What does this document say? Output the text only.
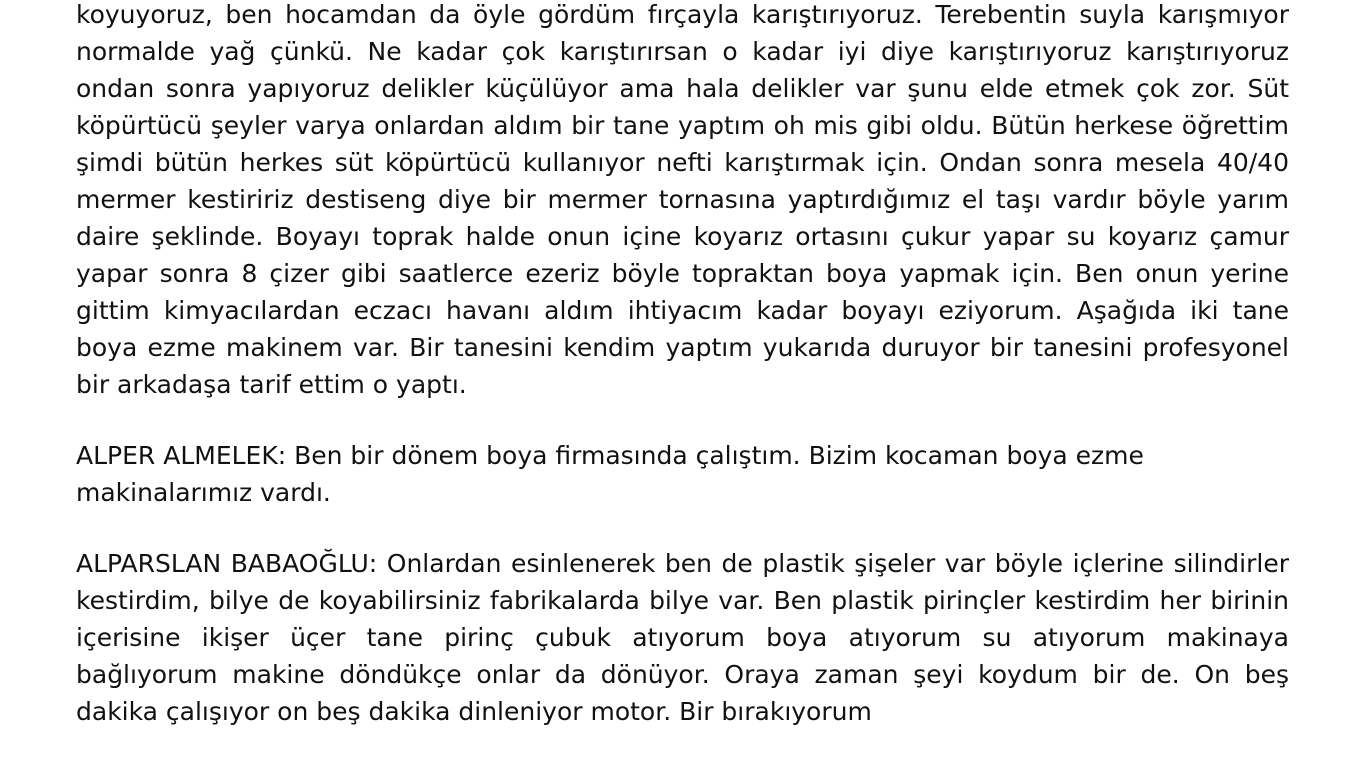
koyuyoruz, ben hocamdan da öyle gördüm fırçayla karıştırıyoruz. Terebentin suyla karışmıyor normalde yağ çünkü. Ne kadar çok karıştırırsan o kadar iyi diye karıştırıyoruz karıştırıyoruz ondan sonra yapıyoruz delikler küçülüyor ama hala delikler var şunu elde etmek çok zor. Süt köpürtücü şeyler varya onlardan aldım bir tane yaptım oh mis gibi oldu. Bütün herkese öğrettim şimdi bütün herkes süt köpürtücü kullanıyor nefti karıştırmak için. Ondan sonra mesela 40/40 mermer kestiririz destiseng diye bir mermer tornasına yaptırdığımız el taşı vardır böyle yarım daire şeklinde. Boyayı toprak halde onun içine koyarız ortasını çukur yapar su koyarız çamur yapar sonra 8 çizer gibi saatlerce ezeriz böyle topraktan boya yapmak için. Ben onun yerine gittim kimyacılardan eczacı havanı aldım ihtiyacım kadar boyayı eziyorum. Aşağıda iki tane boya ezme makinem var. Bir tanesini kendim yaptım yukarıda duruyor bir tanesini profesyonel bir arkadaşa tarif ettim o yaptı.

ALPER ALMELEK: Ben bir dönem boya firmasında çalıştım. Bizim kocaman boya ezme makinalarımız vardı.

ALPARSLAN BABAOĞLU: Onlardan esinlenerek ben de plastik şişeler var böyle içlerine silindirler kestirdim, bilye de koyabilirsiniz fabrikalarda bilye var. Ben plastik pirinçler kestirdim her birinin içerisine ikişer üçer tane pirinç çubuk atıyorum boya atıyorum su atıyorum makinaya bağlıyorum makine döndükçe onlar da dönüyor. Oraya zaman şeyi koydum bir de. On beş dakika çalışıyor on beş dakika dinleniyor motor. Bir bırakıyorum
